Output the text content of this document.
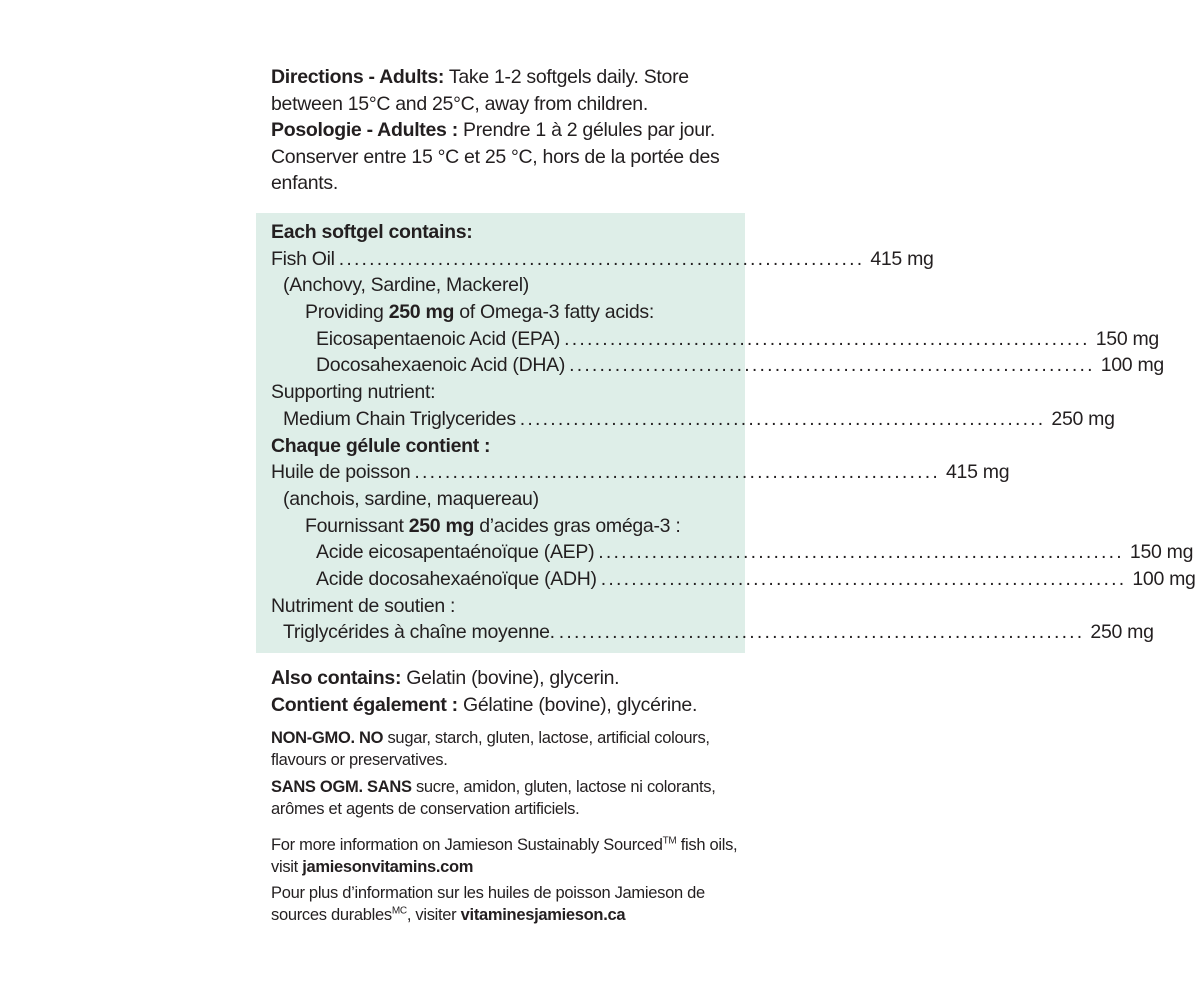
Directions - Adults: Take 1-2 softgels daily. Store between 15°C and 25°C, away from children.

Posologie - Adultes : Prendre 1 à 2 gélules par jour. Conserver entre 15 °C et 25 °C, hors de la portée des enfants.

Each softgel contains:
Fish Oil ..................................................................... 415 mg
(Anchovy, Sardine, Mackerel)
Providing 250 mg of Omega-3 fatty acids:
Eicosapentaenoic Acid (EPA) ..................................................................... 150 mg
Docosahexaenoic Acid (DHA) ..................................................................... 100 mg
Supporting nutrient:
Medium Chain Triglycerides ..................................................................... 250 mg
Chaque gélule contient :
Huile de poisson ..................................................................... 415 mg
(anchois, sardine, maquereau)
Fournissant 250 mg d’acides gras oméga-3 :
Acide eicosapentaénoïque (AEP) ..................................................................... 150 mg
Acide docosahexaénoïque (ADH) ..................................................................... 100 mg
Nutriment de soutien :
Triglycérides à chaîne moyenne. ..................................................................... 250 mg

Also contains: Gelatin (bovine), glycerin.

Contient également : Gélatine (bovine), glycérine.

NON-GMO. NO sugar, starch, gluten, lactose, artificial colours, flavours or preservatives.

SANS OGM. SANS sucre, amidon, gluten, lactose ni colorants, arômes et agents de conservation artificiels.

For more information on Jamieson Sustainably Sourced™ fish oils, visit jamiesonvitamins.com

Pour plus d’information sur les huiles de poisson Jamieson de sources durables$^{MC}$, visiter vitaminesjamieson.ca
